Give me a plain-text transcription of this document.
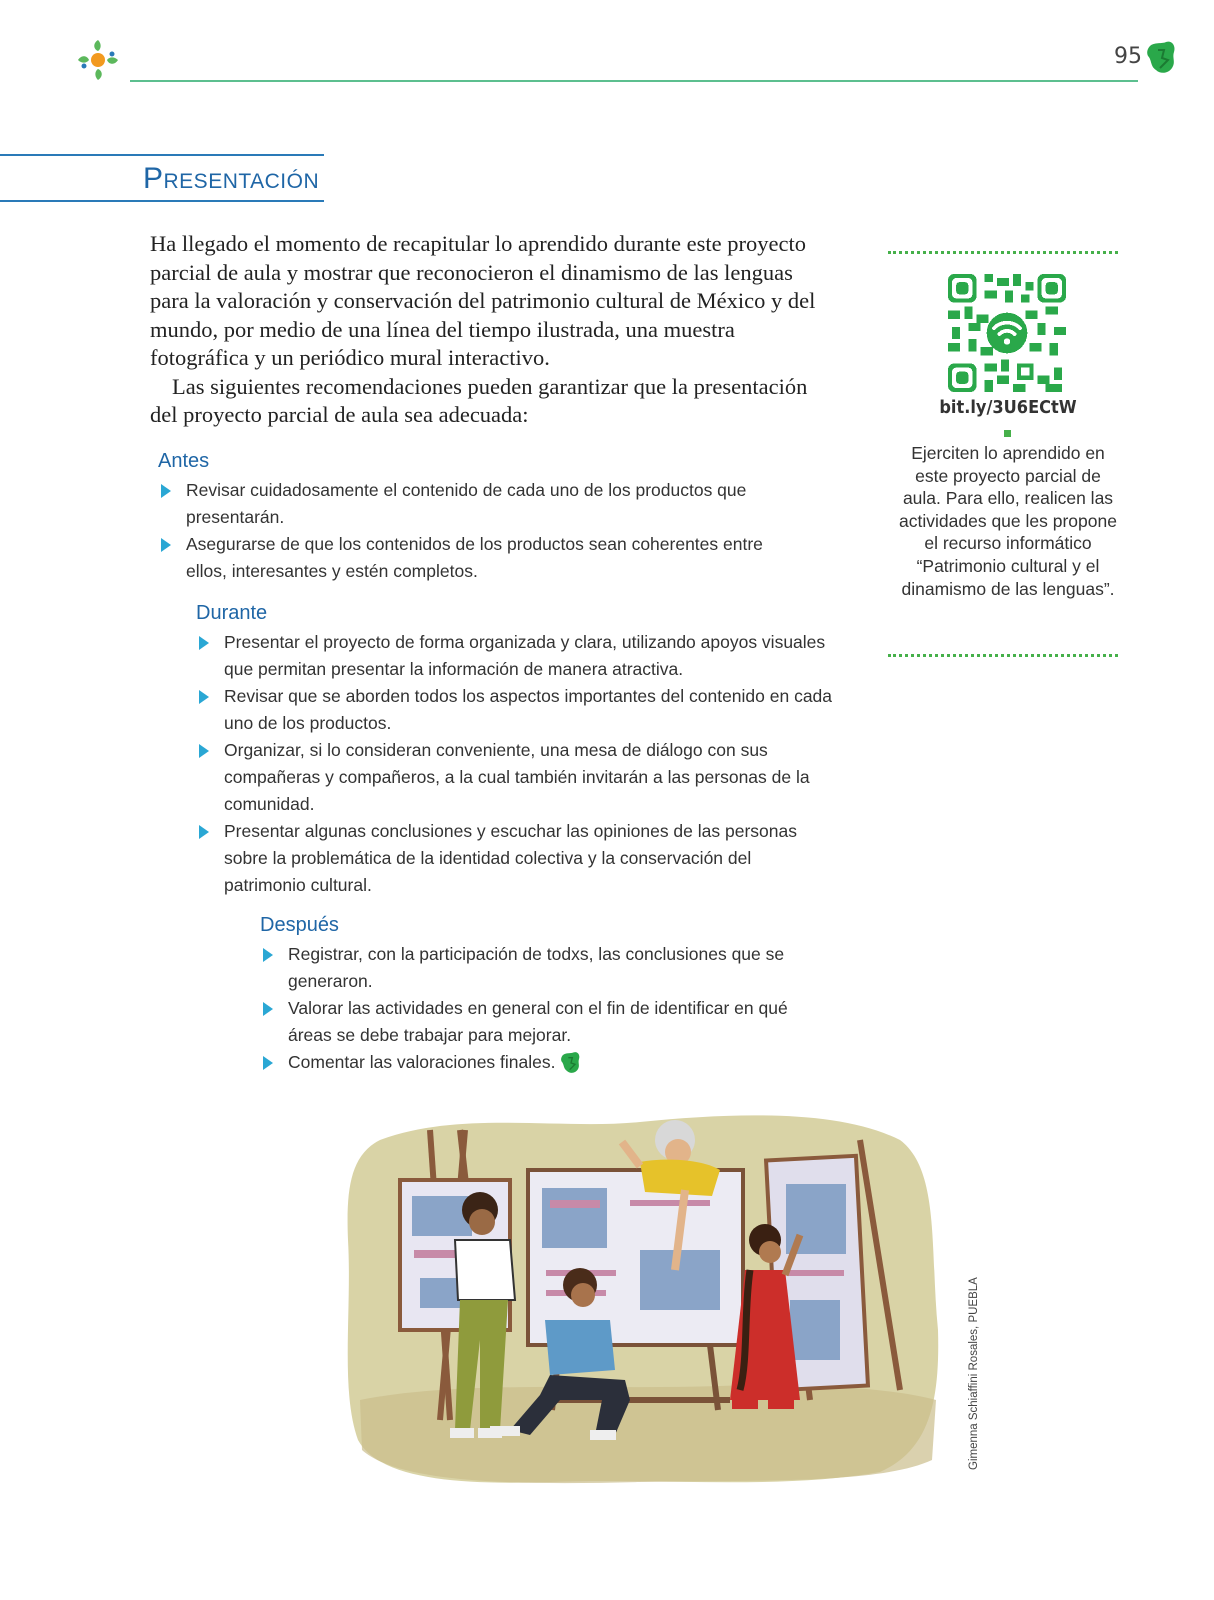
95
Presentación

Ha llegado el momento de recapitular lo aprendido durante este proyecto parcial de aula y mostrar que reconocieron el dinamismo de las lenguas para la valoración y conservación del patrimonio cultural de México y del mundo, por medio de una línea del tiempo ilustrada, una muestra fotográfica y un periódico mural interactivo.

Las siguientes recomendaciones pueden garantizar que la presentación del proyecto parcial de aula sea adecuada:

Antes
Revisar cuidadosamente el contenido de cada uno de los productos que presentarán.
Asegurarse de que los contenidos de los productos sean coherentes entre ellos, interesantes y estén completos.
Durante
Presentar el proyecto de forma organizada y clara, utilizando apoyos visuales que permitan presentar la información de manera atractiva.
Revisar que se aborden todos los aspectos importantes del contenido en cada uno de los productos.
Organizar, si lo consideran conveniente, una mesa de diálogo con sus compañeras y compañeros, a la cual también invitarán a las personas de la comunidad.
Presentar algunas conclusiones y escuchar las opiniones de las personas sobre la problemática de la identidad colectiva y la conservación del patrimonio cultural.
Después
Registrar, con la participación de todxs, las conclusiones que se generaron.
Valorar las actividades en general con el fin de identificar en qué áreas se debe trabajar para mejorar.
Comentar las valoraciones finales.
bit.ly/3U6ECtW
Ejerciten lo aprendido en este proyecto parcial de aula. Para ello, realicen las actividades que les propone el recurso informático “Patrimonio cultural y el dinamismo de las lenguas”.
Gimenna Schiaffini Rosales, PUEBLA
